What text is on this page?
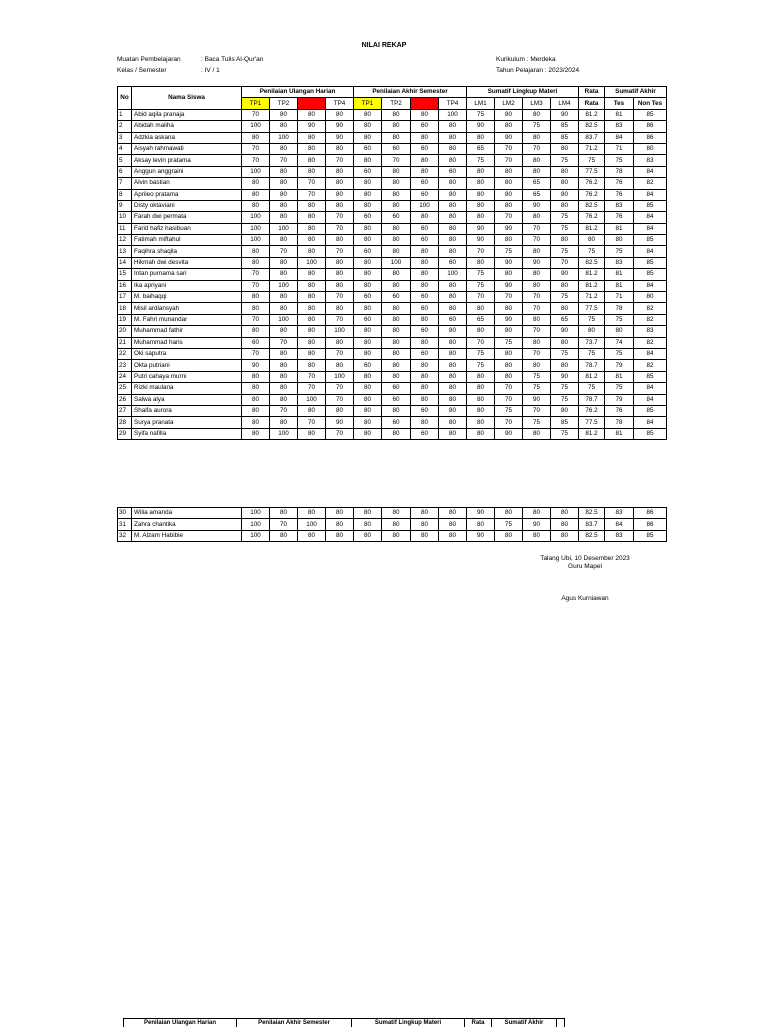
NILAI REKAP
Muatan Pembelajaran	: Baca Tulis Al-Qur'an
Kelas / Semester	: IV / 1
Kurikulum : Merdeka
Tahun Pelajaran : 2023/2024
No	Nama Siswa	Penilaian Ulangan Harian				Penilaian Akhir Semester				Sumatif Lingkup Materi				Rata	Sumatif Akhir	
		TP1	TP2	TP3	TP4	TP1	TP2	TP3	TP4	LM1	LM2	LM3	LM4	Rata	Tes	Non Tes
1	Abid aqila pranaja	70	80	80	80	80	80	80	100	75	80	80	90	81.2	81	85
2	Abidah maliha	100	80	90	90	80	80	60	80	90	80	75	85	82.5	83	86
3	Adzkia askana	80	100	80	90	80	80	80	80	80	90	80	85	83.7	84	86
4	Aisyah rahmawati	70	80	80	80	60	60	60	80	65	70	70	80	71.2	71	80
5	Aksay levin pratama	70	70	80	70	80	70	80	80	75	70	80	75	75	75	83
6	Anggun anggraini	100	80	80	80	60	80	80	60	80	80	80	80	77.5	78	84
7	Alvin bastian	80	80	70	80	80	80	60	80	80	80	65	80	76.2	76	82
8	Aprileo pratama	80	80	70	80	80	80	60	80	80	80	65	80	76.2	76	84
9	Disty oktaviani	80	80	80	80	80	80	100	80	80	80	90	80	82.5	83	85
10	Farah dwi permata	100	80	80	70	60	60	80	80	80	70	80	75	76.2	76	84
11	Farid hafiz hasibuan	100	100	80	70	80	80	60	80	90	90	70	75	81.2	81	84
12	Fatimah miftahul	100	80	80	80	80	80	60	80	90	80	70	80	80	80	85
13	Faqihra shaqila	80	70	80	70	60	80	80	80	70	75	80	75	75	75	84
14	Hikmah dwi desvita	80	80	100	80	80	100	80	60	80	90	90	70	82.5	83	85
15	Intan purnama sari	70	80	80	80	80	80	80	100	75	80	80	90	81.2	81	85
16	Ika apriyani	70	100	80	80	80	80	80	80	75	90	80	80	81.2	81	84
17	M. baihaqqi	80	80	80	70	60	60	60	80	70	70	70	75	71.2	71	80
18	Misil ardiansyah	80	80	80	80	80	80	60	80	80	80	70	80	77.5	78	82
19	M. Fahri munandar	70	100	80	70	60	80	80	60	65	90	80	65	75	75	82
20	Muhammad fathir	80	80	80	100	80	80	60	80	80	80	70	90	80	80	83
21	Muhammad haris	60	70	80	80	80	80	80	80	70	75	80	80	73.7	74	82
22	Oki saputra	70	80	80	70	80	80	60	80	75	80	70	75	75	75	84
23	Okta putriani	90	80	80	80	60	80	80	80	75	80	80	80	78.7	79	82
24	Putri cahaya murni	80	80	70	100	80	80	80	80	80	80	75	90	81.2	81	85
25	Rizki maulana	80	80	70	70	80	60	80	80	80	70	75	75	75	75	84
26	Salwa alya	80	80	100	70	80	60	80	80	80	70	90	75	78.7	79	84
27	Shalfa aurora	80	70	80	80	80	80	60	80	80	75	70	80	76.2	76	85
28	Surya pranata	80	80	70	90	80	60	80	80	80	70	75	85	77.5	78	84
29	Syifa nafilla	80	100	80	70	80	80	60	80	80	90	80	75	81.2	81	85
30	Wilia amanda	100	80	80	80	80	80	80	80	90	80	80	80	82.5	83	86
31	Zahra chantika	100	70	100	80	80	80	80	80	80	75	90	80	83.7	84	86
32	M. Alzam Habibie	100	80	80	80	80	80	80	80	90	80	80	80	82.5	83	85
Talang Ubi, 10 Desember 2023
Guru Mapel
Agus Kurniawan
Penilaian Ulangan Harian	Penilaian Akhir Semester	Sumatif Lingkup Materi	Rata	Sumatif Akhir
